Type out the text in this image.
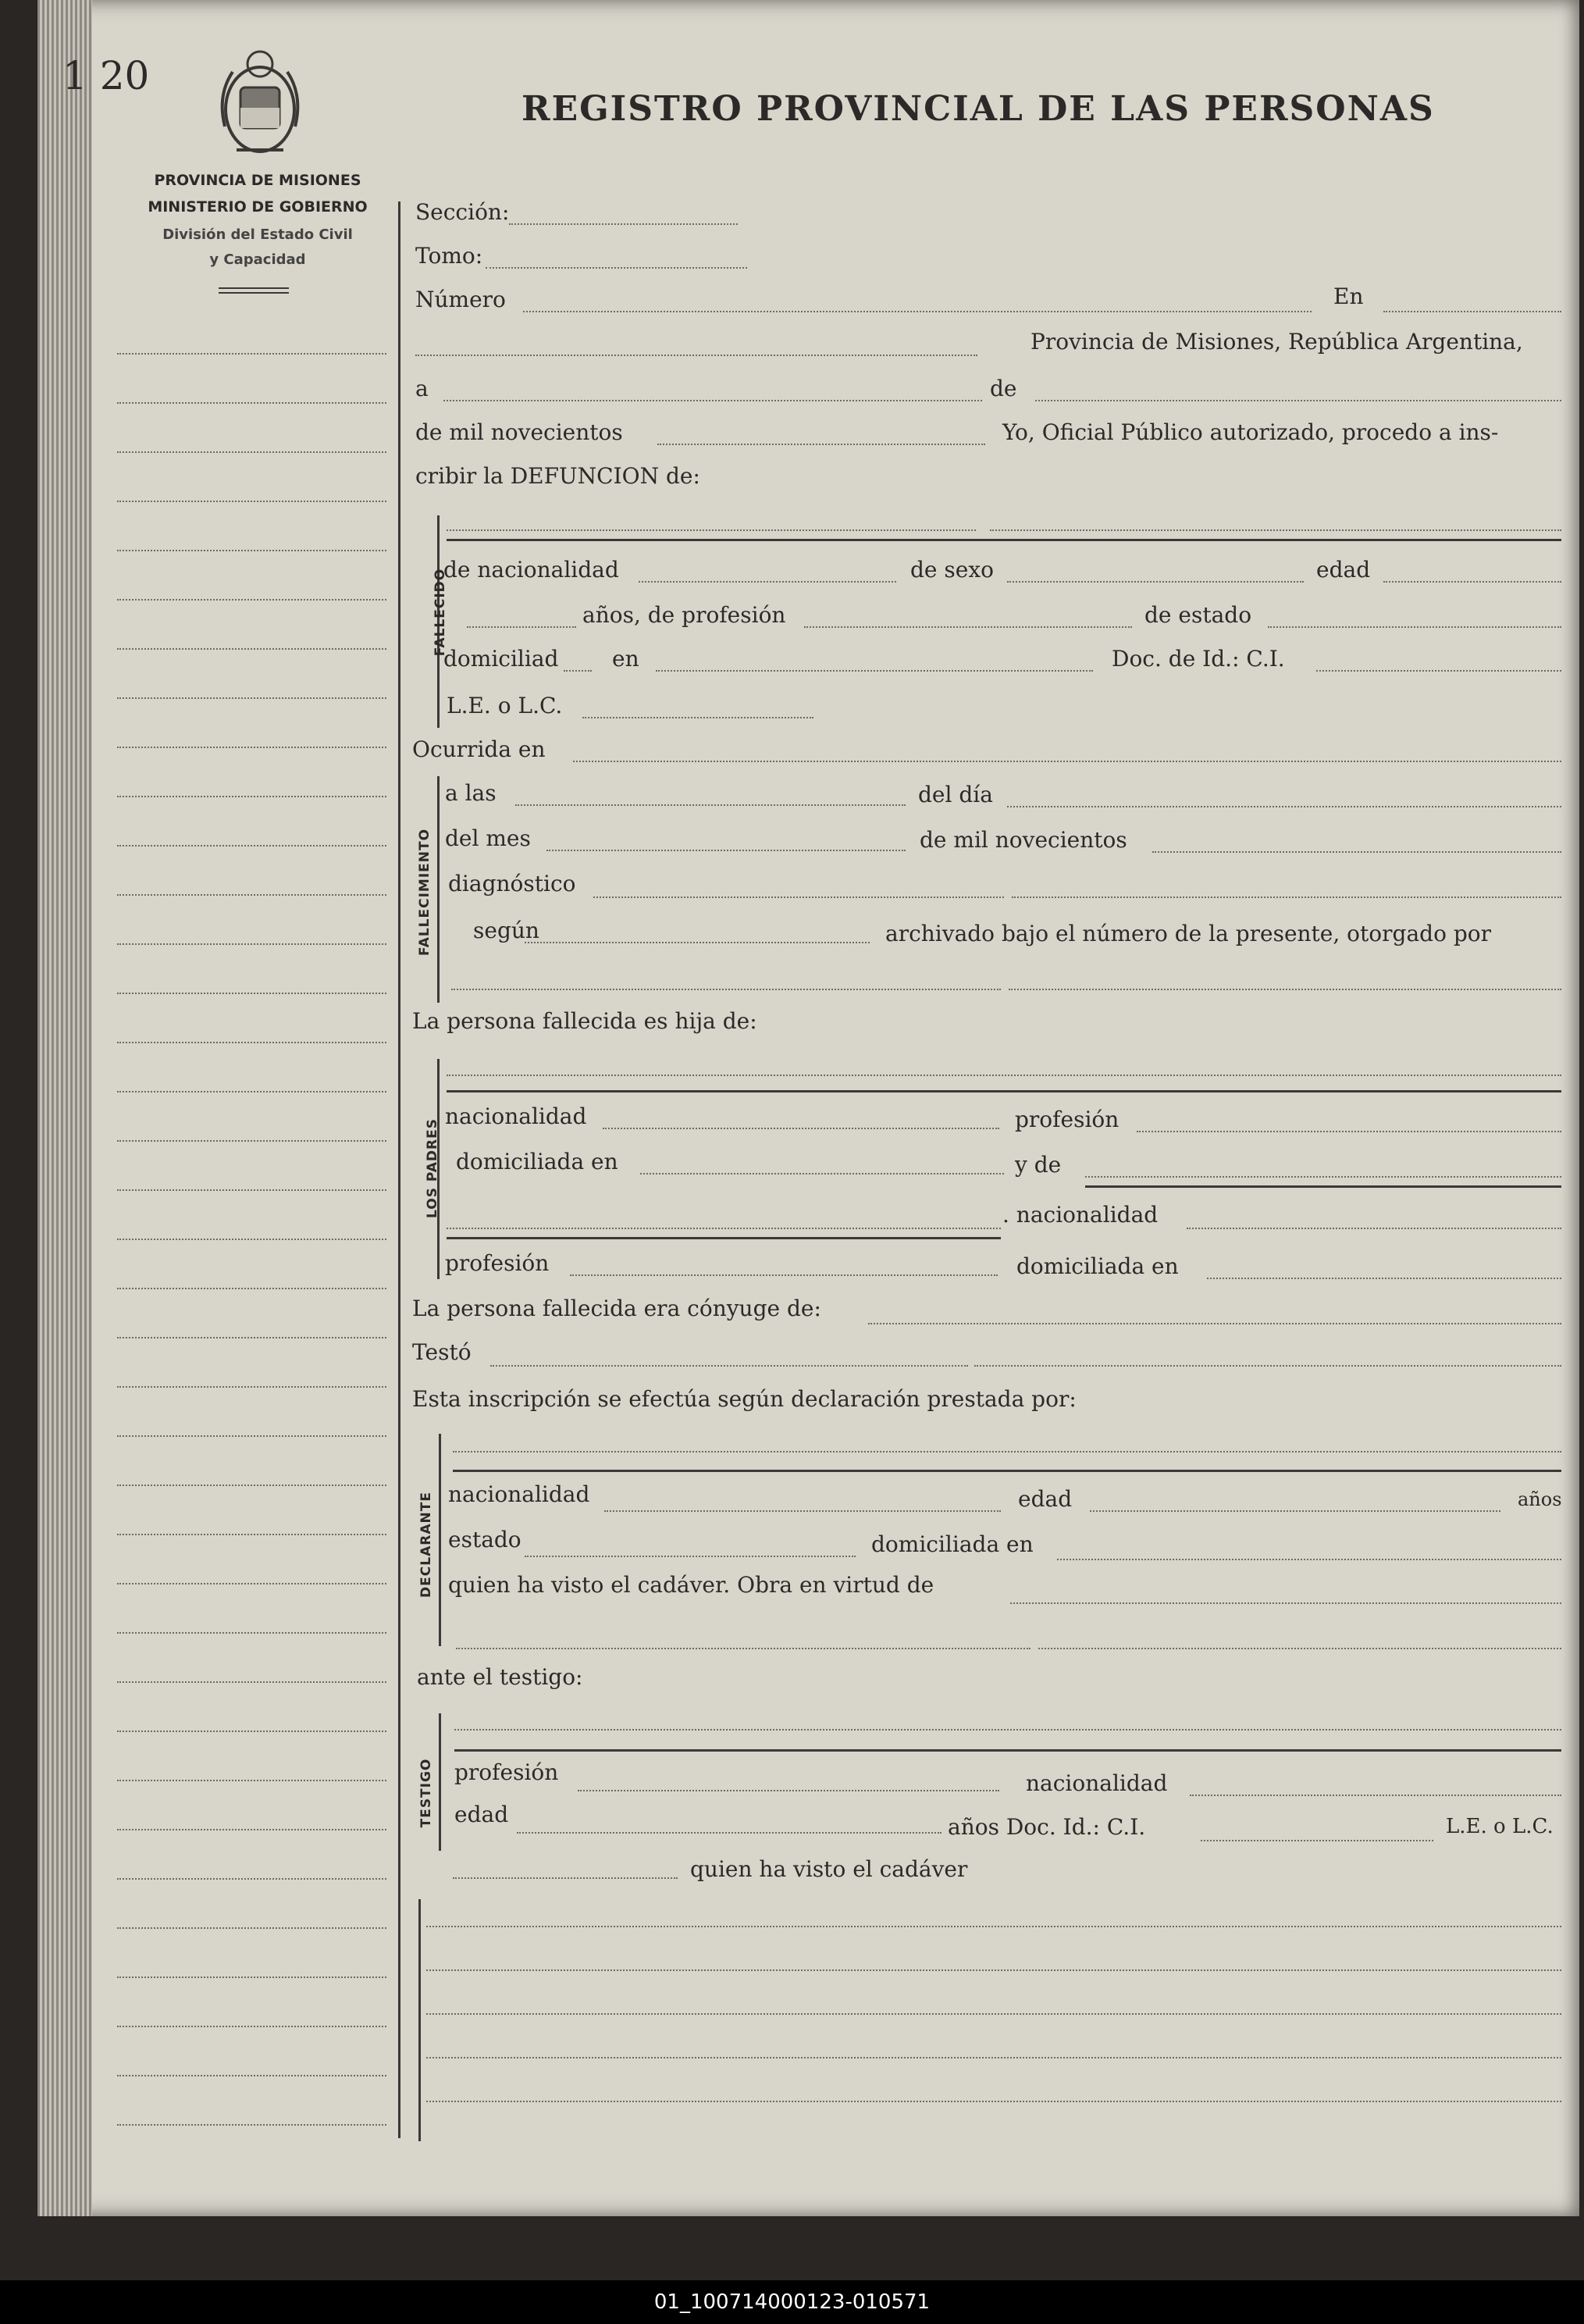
1 20
REGISTRO PROVINCIAL DE LAS PERSONAS
PROVINCIA DE MISIONES
MINISTERIO DE GOBIERNO
División del Estado Civil
y Capacidad
Sección:
Tomo:
Número	En
Provincia de Misiones, República Argentina,
a	de
de mil novecientos	Yo, Oficial Público autorizado, procedo a ins-
cribir la DEFUNCION de:
FALLECIDO
de nacionalidad	de sexo	edad
años, de profesión	de estado
domiciliad en	Doc. de Id.: C.I.
L.E. o L.C.
Ocurrida en
FALLECIMIENTO
a las	del día
del mes	de mil novecientos
diagnóstico
según	archivado bajo el número de la presente, otorgado por
La persona fallecida es hija de:
LOS PADRES
nacionalidad	profesión
domiciliada en	y de
. nacionalidad
profesión	domiciliada en
La persona fallecida era cónyuge de:
Testó
Esta inscripción se efectúa según declaración prestada por:
DECLARANTE nacionalidad	edad	años
estado	domiciliada en
quien ha visto el cadáver. Obra en virtud de
ante el testigo:
TESTIGO profesión	nacionalidad
edad	años Doc. Id.: C.I.	L.E. o L.C.
quien ha visto el cadáver
01_100714000123-010571
